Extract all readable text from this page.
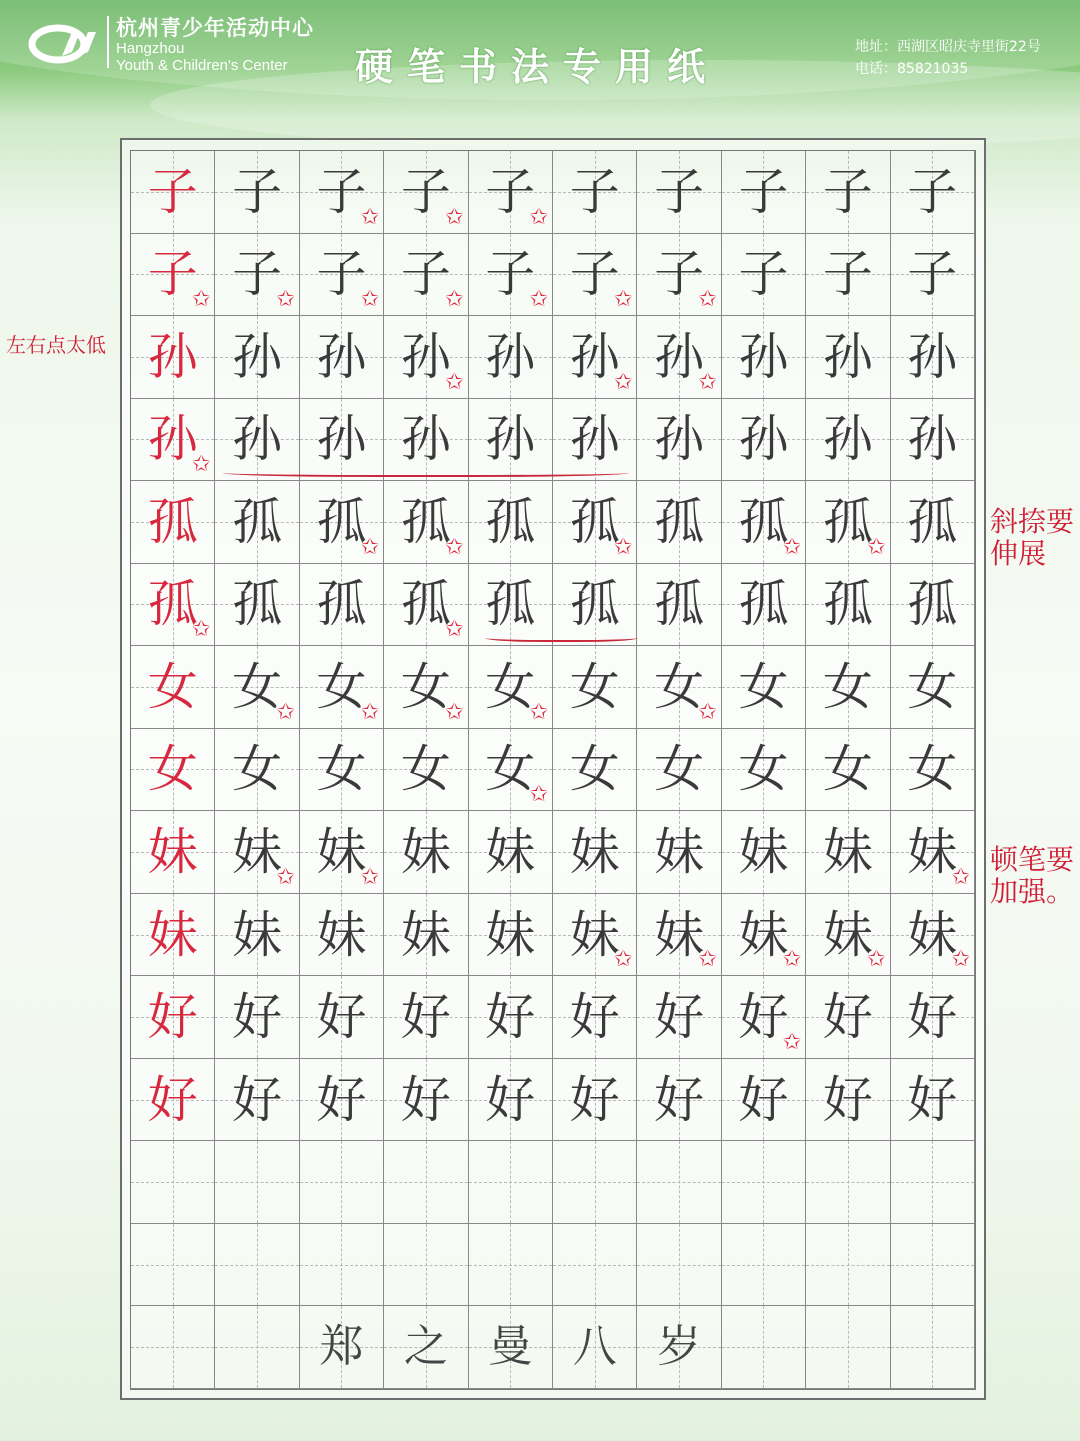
杭州青少年活动中心
Hangzhou
Youth & Children's Center 硬笔书法专用纸	地址：西湖区昭庆寺里街22号
电话：85821035
子 子 子
✩ 子
✩ 子
✩ 子 子 子 子 子
子
✩ 子
✩ 子
✩ 子
✩ 子
✩ 子
✩ 子
✩ 子 子 子
孙 孙 孙 孙
✩ 孙 孙
✩ 孙
✩ 孙 孙 孙
孙
✩ 孙 孙 孙 孙 孙 孙 孙 孙 孙
孤 孤 孤
✩ 孤
✩ 孤 孤
✩ 孤 孤
✩ 孤
✩ 孤
孤
✩ 孤 孤 孤
✩ 孤 孤 孤 孤 孤 孤
女 女
✩ 女
✩ 女
✩ 女
✩ 女 女
✩ 女 女 女
女 女 女 女 女
✩ 女 女 女 女 女
妹 妹
✩ 妹
✩ 妹 妹 妹 妹 妹 妹 妹
✩
妹 妹 妹 妹 妹 妹
✩ 妹
✩ 妹
✩ 妹
✩ 妹
✩
好 好 好 好 好 好 好 好
✩ 好 好
好 好 好 好 好 好 好 好 好 好
郑 之 曼 八 岁
左右点太低
斜捺要伸展
顿笔要加强。
